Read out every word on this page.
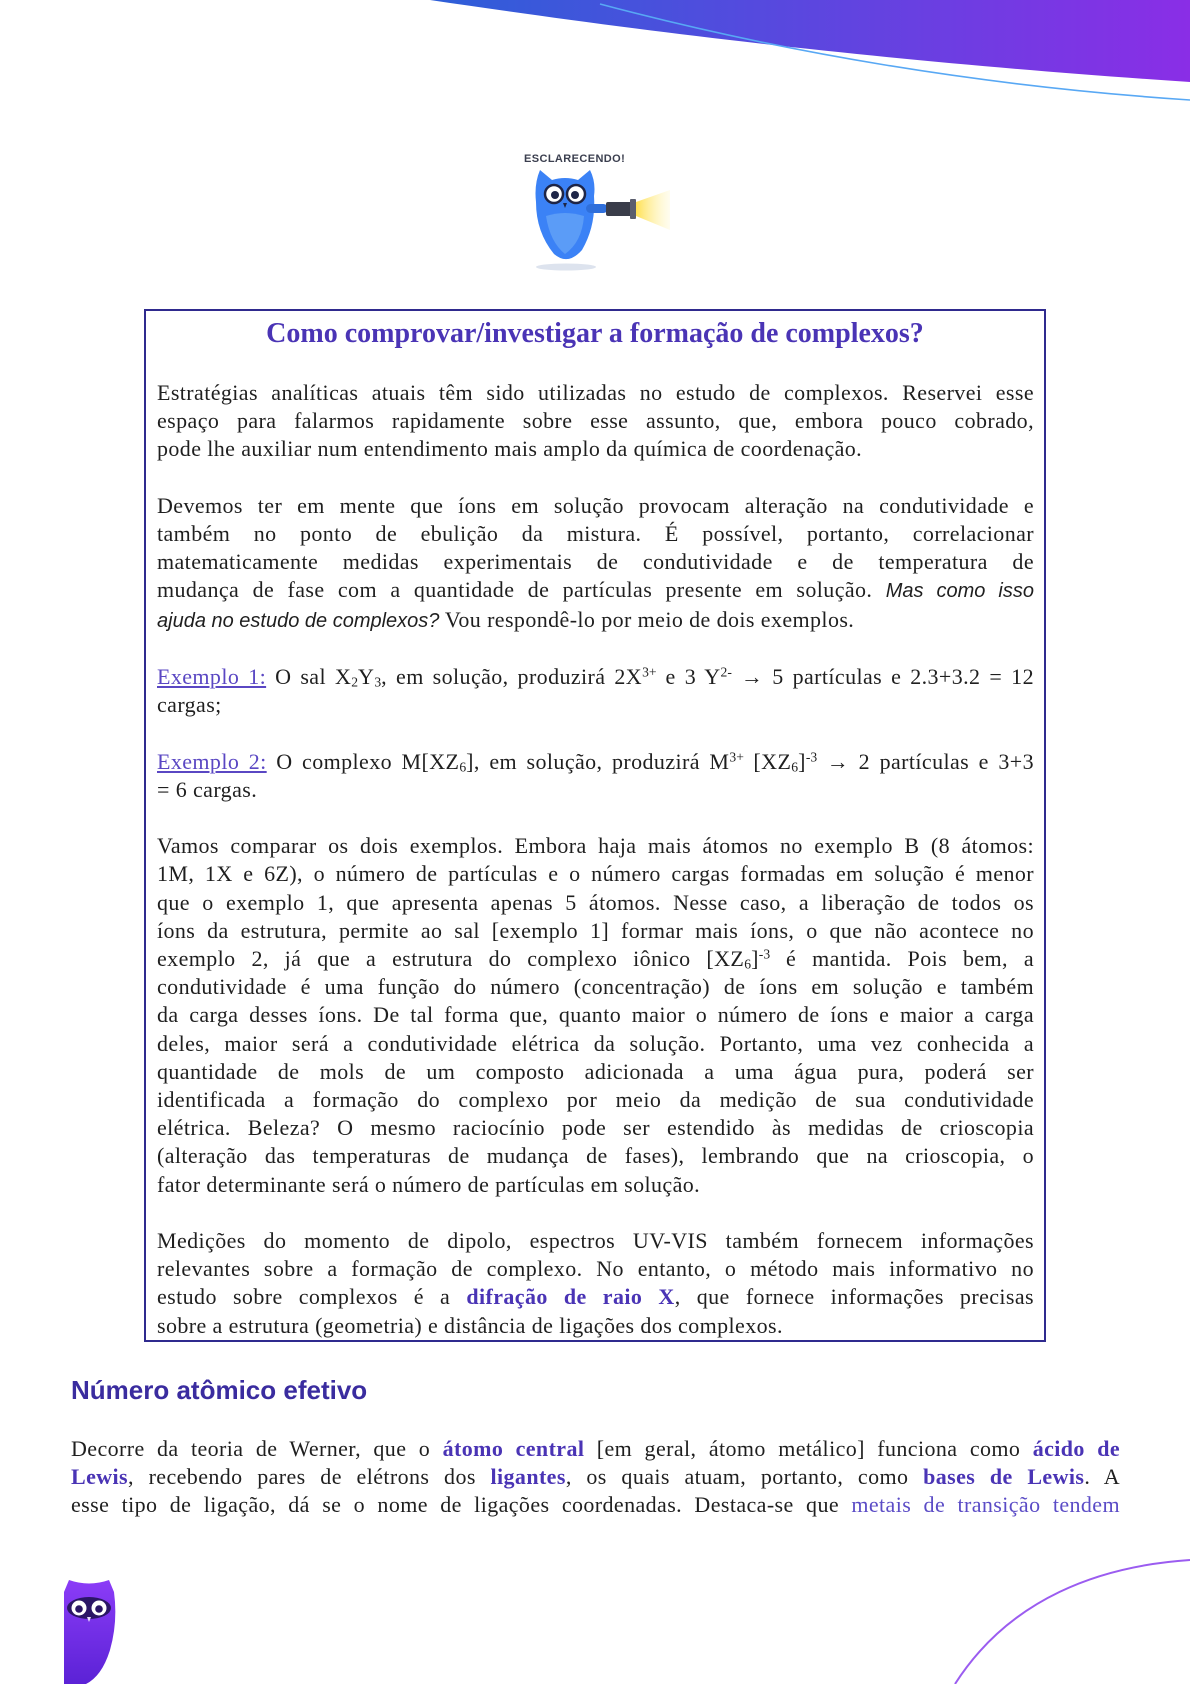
ESCLARECENDO!
Como comprovar/investigar a formação de complexos?
Estratégias analíticas atuais têm sido utilizadas no estudo de complexos. Reservei esse
espaço para falarmos rapidamente sobre esse assunto, que, embora pouco cobrado,
pode lhe auxiliar num entendimento mais amplo da química de coordenação.
Devemos ter em mente que íons em solução provocam alteração na condutividade e
também no ponto de ebulição da mistura. É possível, portanto, correlacionar
matematicamente medidas experimentais de condutividade e de temperatura de
mudança de fase com a quantidade de partículas presente em solução. Mas como isso
ajuda no estudo de complexos? Vou respondê-lo por meio de dois exemplos.
Exemplo 1: O sal $X_2Y_3$, em solução, produzirá $2X^{3+}$ e 3 $Y^{2-} \to 5$ partículas e 2.3+3.2 = 12
cargas;
Exemplo 2: O complexo $M[XZ_6]$, em solução, produzirá $M^{3+}$ $[XZ_6]^{-3} \to 2$ partículas e 3+3
= 6 cargas.
Vamos comparar os dois exemplos. Embora haja mais átomos no exemplo B (8 átomos:
1M, 1X e 6Z), o número de partículas e o número cargas formadas em solução é menor
que o exemplo 1, que apresenta apenas 5 átomos. Nesse caso, a liberação de todos os
íons da estrutura, permite ao sal [exemplo 1] formar mais íons, o que não acontece no
exemplo 2, já que a estrutura do complexo iônico $[XZ_6]^{-3}$ é mantida. Pois bem, a
condutividade é uma função do número (concentração) de íons em solução e também
da carga desses íons. De tal forma que, quanto maior o número de íons e maior a carga
deles, maior será a condutividade elétrica da solução. Portanto, uma vez conhecida a
quantidade de mols de um composto adicionada a uma água pura, poderá ser
identificada a formação do complexo por meio da medição de sua condutividade
elétrica. Beleza? O mesmo raciocínio pode ser estendido às medidas de crioscopia
(alteração das temperaturas de mudança de fases), lembrando que na crioscopia, o
fator determinante será o número de partículas em solução.
Medições do momento de dipolo, espectros UV-VIS também fornecem informações
relevantes sobre a formação de complexo. No entanto, o método mais informativo no
estudo sobre complexos é a difração de raio X, que fornece informações precisas
sobre a estrutura (geometria) e distância de ligações dos complexos.
Número atômico efetivo
Decorre da teoria de Werner, que o átomo central [em geral, átomo metálico] funciona como ácido de
Lewis, recebendo pares de elétrons dos ligantes, os quais atuam, portanto, como bases de Lewis. A
esse tipo de ligação, dá se o nome de ligações coordenadas. Destaca-se que metais de transição tendem
